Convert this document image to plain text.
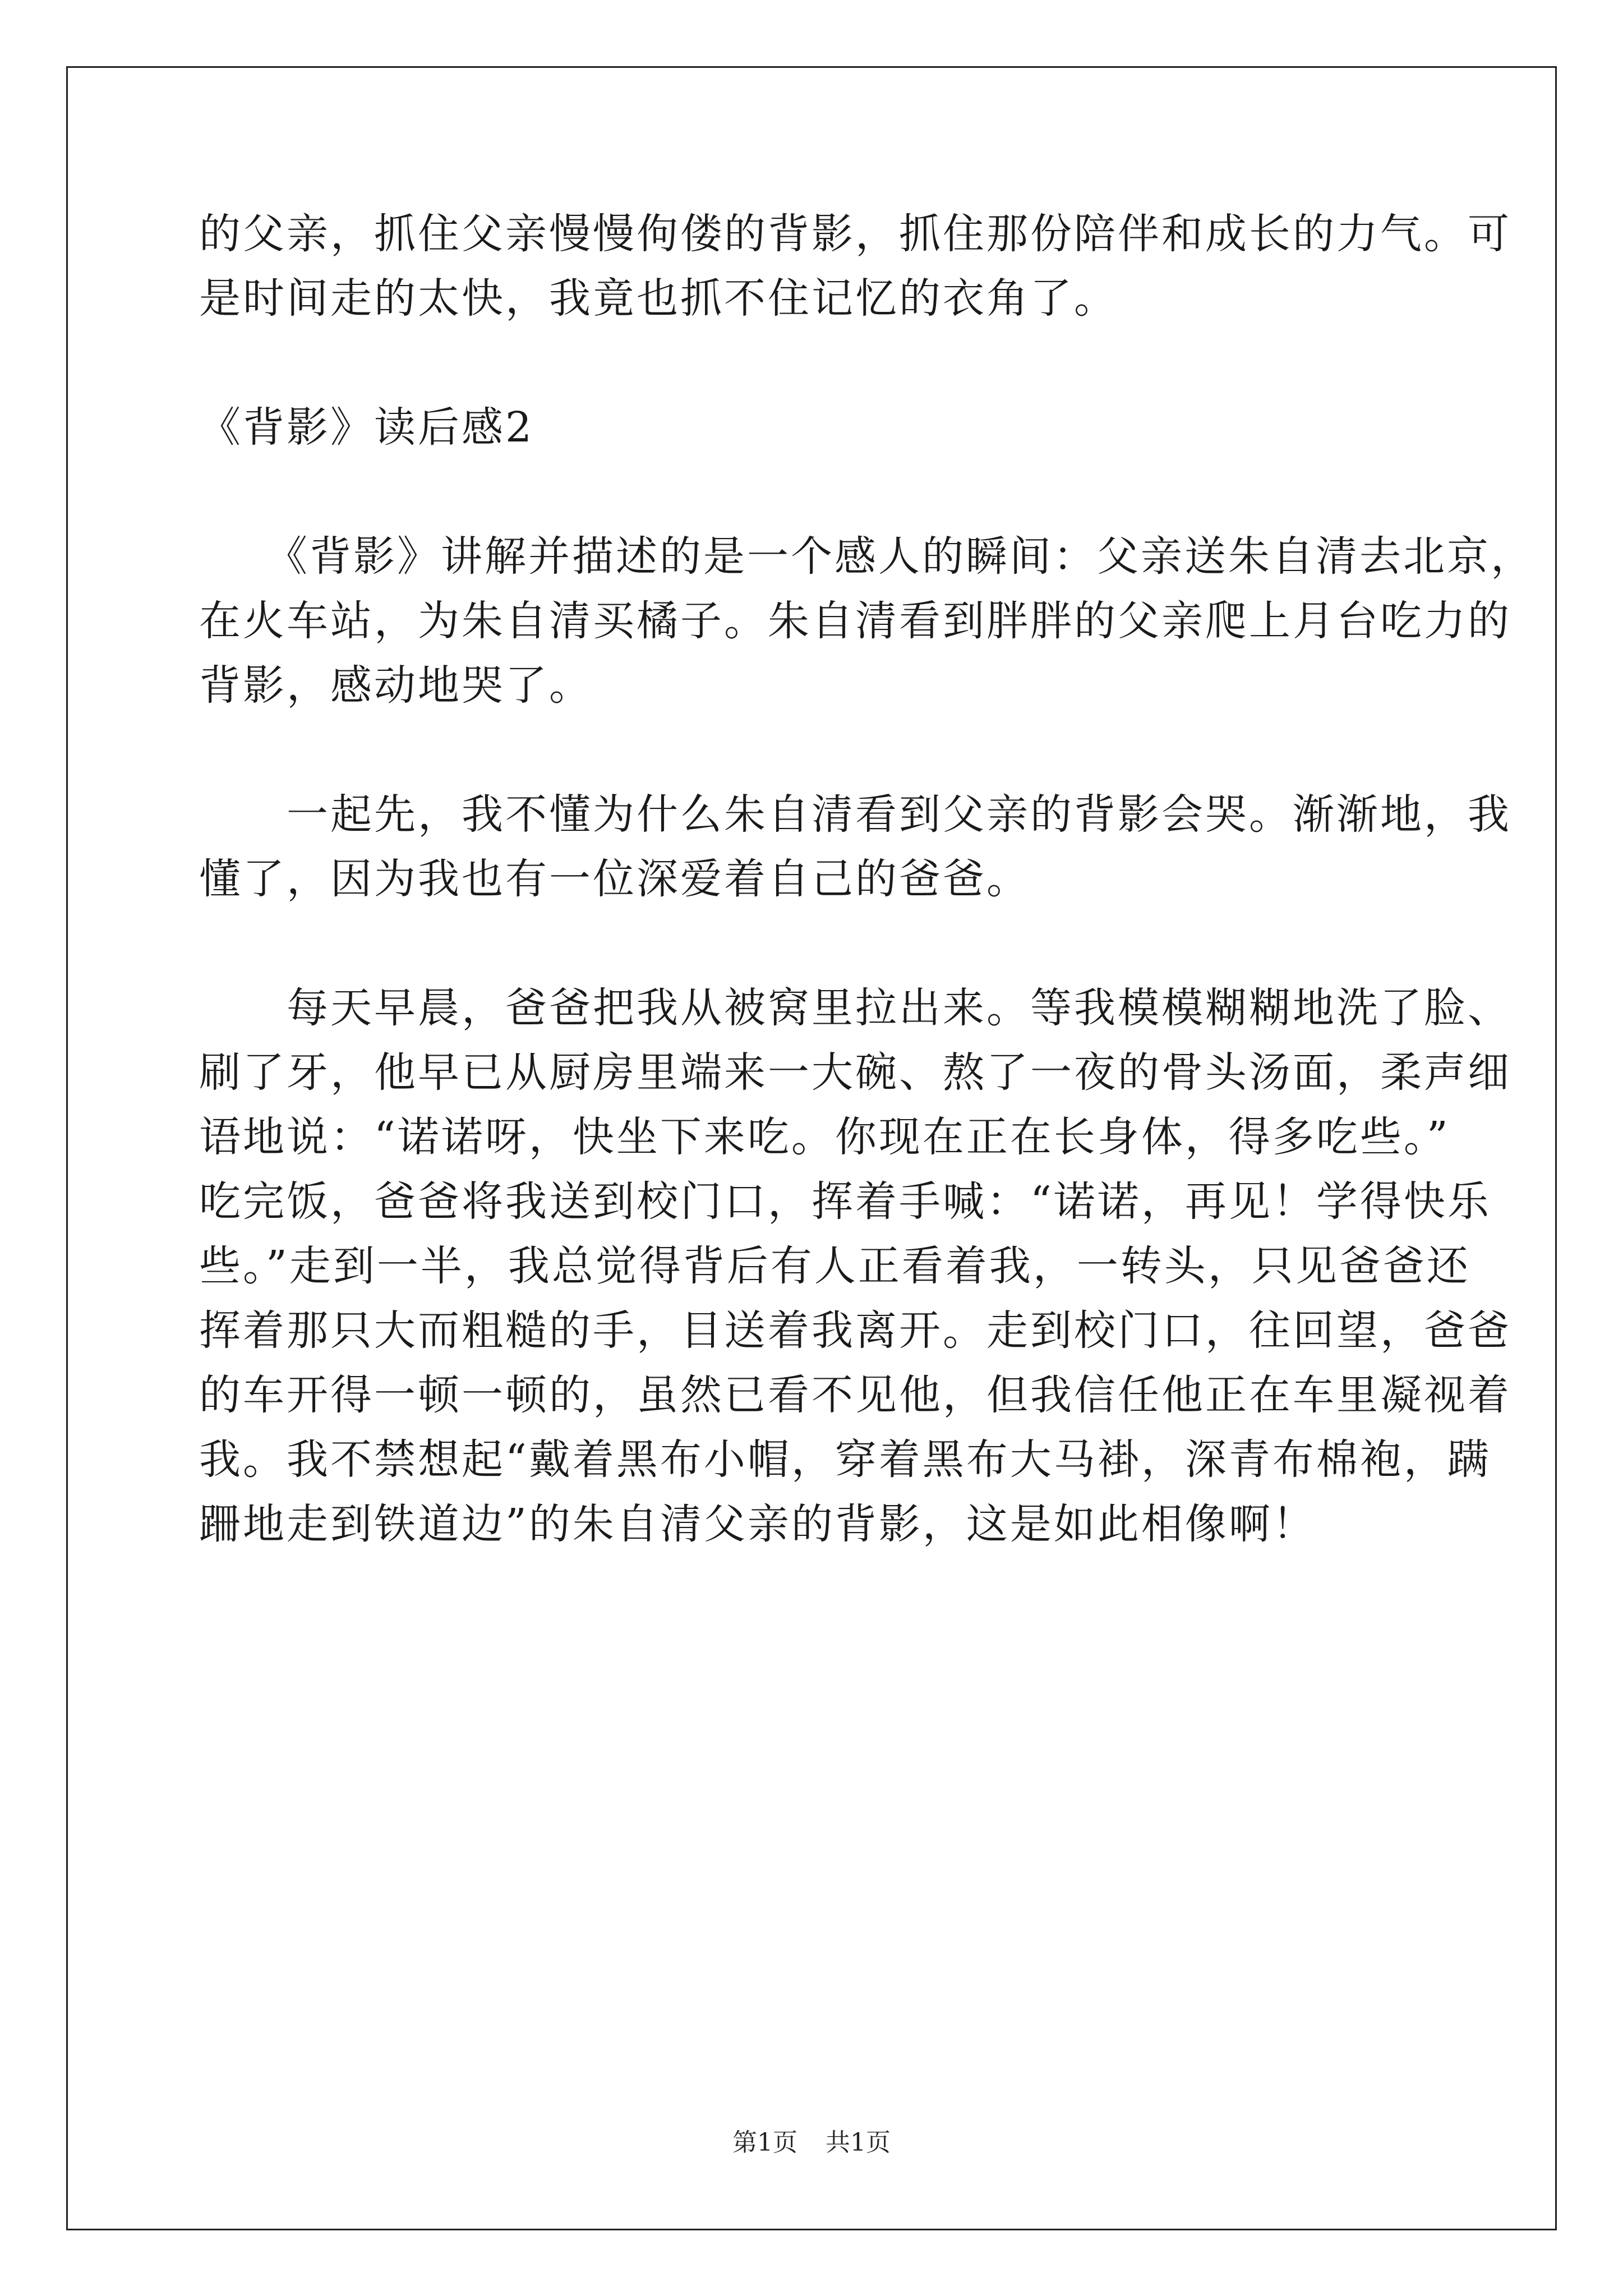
的父亲，抓住父亲慢慢佝偻的背影，抓住那份陪伴和成长的力气。可
是时间走的太快，我竟也抓不住记忆的衣角了。
《背影》读后感2
　　《背影》讲解并描述的是一个感人的瞬间：父亲送朱自清去北京，
在火车站，为朱自清买橘子。朱自清看到胖胖的父亲爬上月台吃力的
背影，感动地哭了。
　　一起先，我不懂为什么朱自清看到父亲的背影会哭。渐渐地，我
懂了，因为我也有一位深爱着自己的爸爸。
　　每天早晨，爸爸把我从被窝里拉出来。等我模模糊糊地洗了脸、
刷了牙，他早已从厨房里端来一大碗、熬了一夜的骨头汤面，柔声细
语地说：“诺诺呀，快坐下来吃。你现在正在长身体，得多吃些。”
吃完饭，爸爸将我送到校门口，挥着手喊：“诺诺，再见！学得快乐
些。”走到一半，我总觉得背后有人正看着我，一转头，只见爸爸还
挥着那只大而粗糙的手，目送着我离开。走到校门口，往回望，爸爸
的车开得一顿一顿的，虽然已看不见他，但我信任他正在车里凝视着
我。我不禁想起“戴着黑布小帽，穿着黑布大马褂，深青布棉袍，蹒
跚地走到铁道边”的朱自清父亲的背影，这是如此相像啊！
第1页 共1页
